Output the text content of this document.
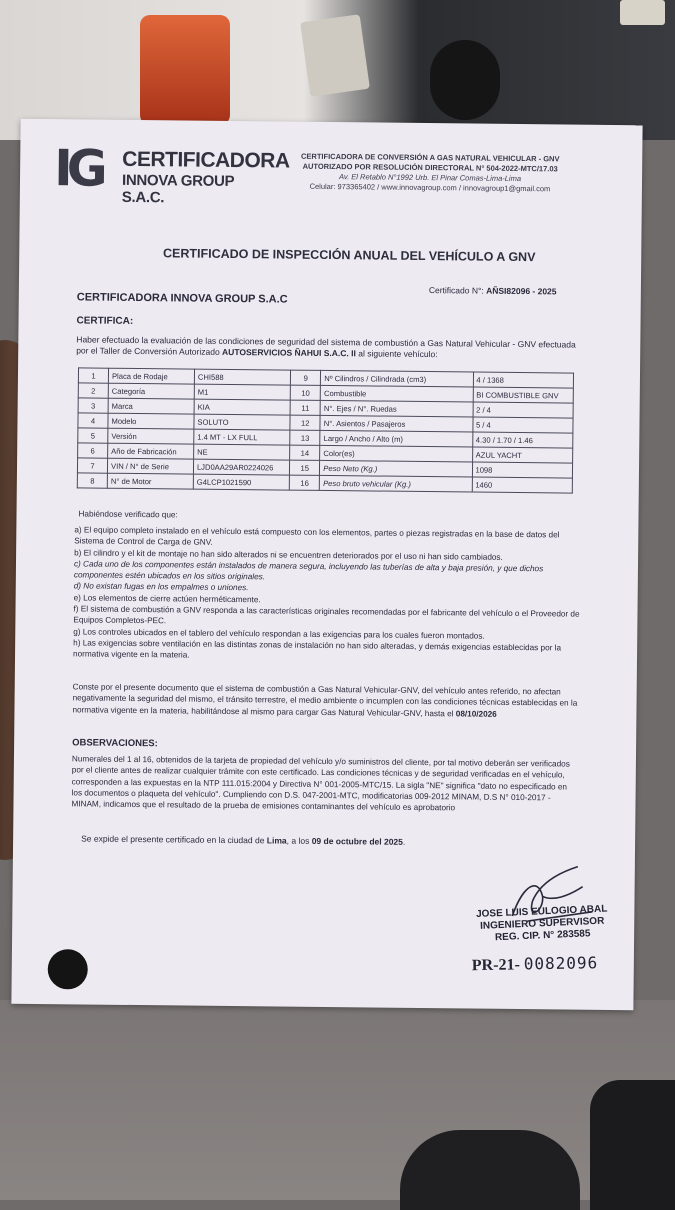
IG CERTIFICADORA
INNOVA GROUP S.A.C.
CERTIFICADORA DE CONVERSIÓN A GAS NATURAL VEHICULAR - GNV
AUTORIZADO POR RESOLUCIÓN DIRECTORAL N° 504-2022-MTC/17.03
Av. El Retablo N°1992 Urb. El Pinar Comas-Lima-Lima
Celular: 973365402 / www.innovagroup.com / innovagroup1@gmail.com
CERTIFICADO DE INSPECCIÓN ANUAL DEL VEHÍCULO A GNV
Certificado N°: AÑSI82096 - 2025
CERTIFICADORA INNOVA GROUP S.A.C
CERTIFICA:
Haber efectuado la evaluación de las condiciones de seguridad del sistema de combustión a Gas Natural Vehicular - GNV efectuada por el Taller de Conversión Autorizado AUTOSERVICIOS ÑAHUI S.A.C. II al siguiente vehículo:
1	Placa de Rodaje	CHI588	9	Nº Cilindros / Cilindrada (cm3)	4 / 1368
2	Categoría	M1	10	Combustible	BI COMBUSTIBLE GNV
3	Marca	KIA	11	N°. Ejes / N°. Ruedas	2 / 4
4	Modelo	SOLUTO	12	N°. Asientos / Pasajeros	5 / 4
5	Versión	1.4 MT - LX FULL	13	Largo / Ancho / Alto (m)	4.30 / 1.70 / 1.46
6	Año de Fabricación	NE	14	Color(es)	AZUL YACHT
7	VIN / N° de Serie	LJD0AA29AR0224026	15	Peso Neto (Kg.)	1098
8	N° de Motor	G4LCP1021590	16	Peso bruto vehicular (Kg.)	1460
Habiéndose verificado que:
a) El equipo completo instalado en el vehículo está compuesto con los elementos, partes o piezas registradas en la base de datos del Sistema de Control de Carga de GNV.
b) El cilindro y el kit de montaje no han sido alterados ni se encuentren deteriorados por el uso ni han sido cambiados.
c) Cada uno de los componentes están instalados de manera segura, incluyendo las tuberías de alta y baja presión, y que dichos componentes estén ubicados en los sitios originales.
d) No existan fugas en los empalmes o uniones.
e) Los elementos de cierre actúen herméticamente.
f) El sistema de combustión a GNV responda a las características originales recomendadas por el fabricante del vehículo o el Proveedor de Equipos Completos-PEC.
g) Los controles ubicados en el tablero del vehículo respondan a las exigencias para los cuales fueron montados.
h) Las exigencias sobre ventilación en las distintas zonas de instalación no han sido alteradas, y demás exigencias establecidas por la normativa vigente en la materia.
Conste por el presente documento que el sistema de combustión a Gas Natural Vehicular-GNV, del vehículo antes referido, no afectan negativamente la seguridad del mismo, el tránsito terrestre, el medio ambiente o incumplen con las condiciones técnicas establecidas en la normativa vigente en la materia, habilitándose al mismo para cargar Gas Natural Vehicular-GNV, hasta el 08/10/2026
OBSERVACIONES:
Numerales del 1 al 16, obtenidos de la tarjeta de propiedad del vehículo y/o suministros del cliente, por tal motivo deberán ser verificados por el cliente antes de realizar cualquier trámite con este certificado. Las condiciones técnicas y de seguridad verificadas en el vehículo, corresponden a las expuestas en la NTP 111.015:2004 y Directiva N° 001-2005-MTC/15. La sigla "NE" significa "dato no especificado en los documentos o plaqueta del vehículo". Cumpliendo con D.S. 047-2001-MTC, modificatorias 009-2012 MINAM, D.S N° 010-2017 - MINAM, indicamos que el resultado de la prueba de emisiones contaminantes del vehículo es aprobatorio
Se expide el presente certificado en la ciudad de Lima, a los 09 de octubre del 2025.
JOSE LUIS EULOGIO ABAL
INGENIERO SUPERVISOR
REG. CIP. N° 283585
PR-21- 0082096
